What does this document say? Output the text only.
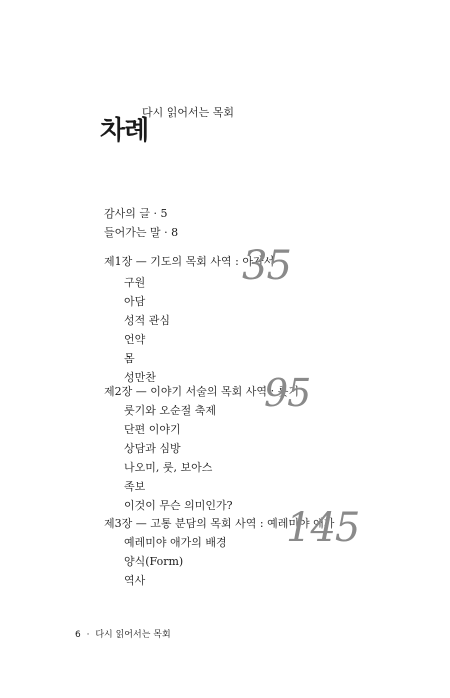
차례
다시 읽어서는 목회
감사의 글 · 5
들어가는 말 · 8
제1장 — 기도의 목회 사역 : 아가서
35
구원
아담
성적 관심
언약
몸
성만찬
제2장 — 이야기 서술의 목회 사역 : 룻기
95
룻기와 오순절 축제
단편 이야기
상담과 심방
나오미, 룻, 보아스
족보
이것이 무슨 의미인가?
제3장 — 고통 분담의 목회 사역 : 예레미야 애가
145
예레미야 애가의 배경
양식(Form)
역사
6 · 다시 읽어서는 목회
